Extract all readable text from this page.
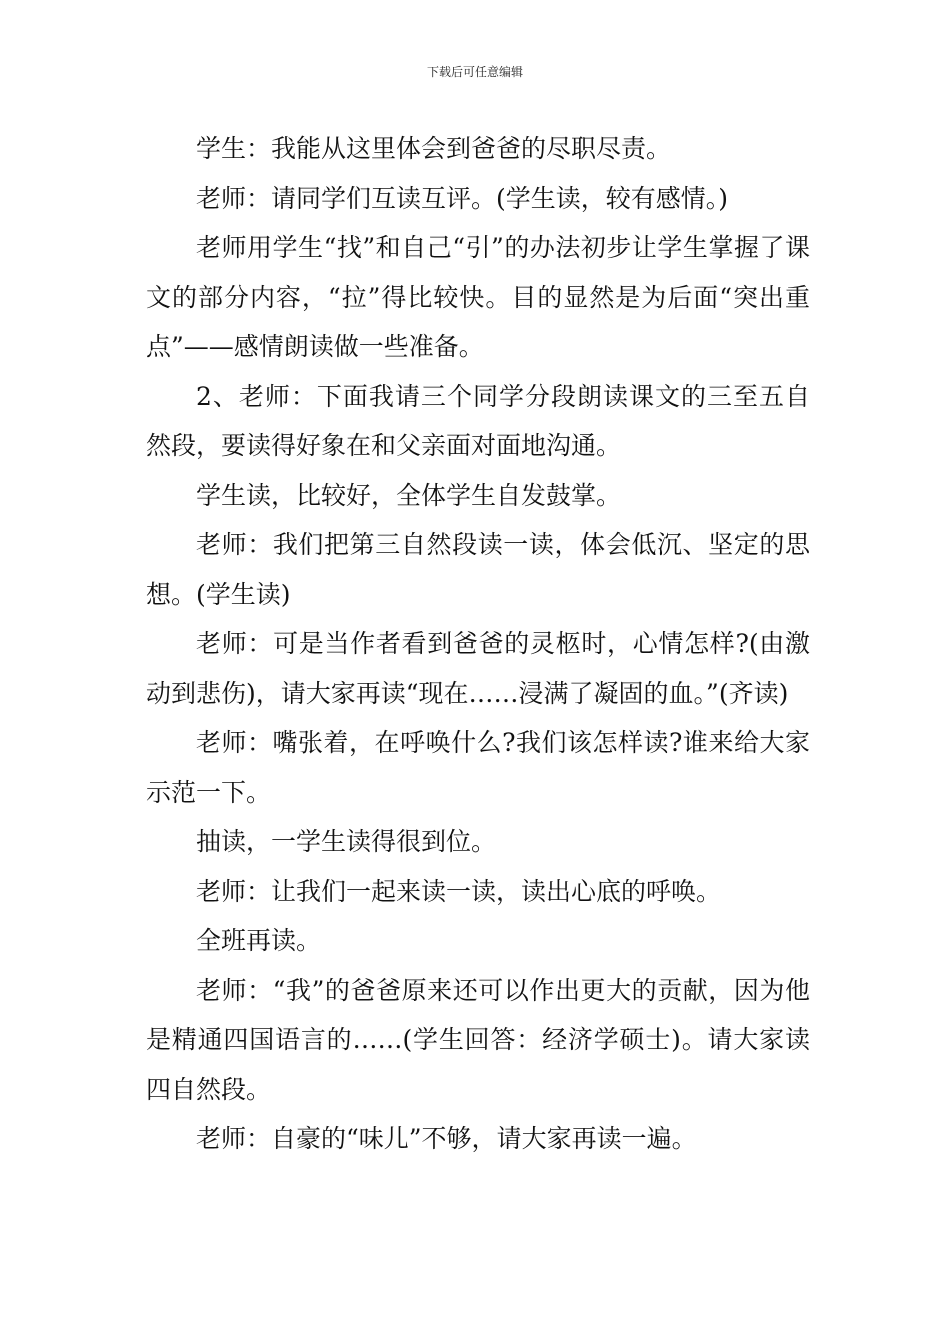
下载后可任意编辑

学生：我能从这里体会到爸爸的尽职尽责。

老师：请同学们互读互评。(学生读，较有感情。)

老师用学生“找”和自己“引”的办法初步让学生掌握了课文的部分内容，“拉”得比较快。目的显然是为后面“突出重点”——感情朗读做一些准备。

2、老师：下面我请三个同学分段朗读课文的三至五自然段，要读得好象在和父亲面对面地沟通。

学生读，比较好，全体学生自发鼓掌。

老师：我们把第三自然段读一读，体会低沉、坚定的思想。(学生读)

老师：可是当作者看到爸爸的灵柩时，心情怎样?(由激动到悲伤)，请大家再读“现在……浸满了凝固的血。”(齐读)

老师：嘴张着，在呼唤什么?我们该怎样读?谁来给大家示范一下。

抽读，一学生读得很到位。

老师：让我们一起来读一读，读出心底的呼唤。

全班再读。

老师：“我”的爸爸原来还可以作出更大的贡献，因为他是精通四国语言的……(学生回答：经济学硕士)。请大家读四自然段。

老师：自豪的“味儿”不够，请大家再读一遍。
